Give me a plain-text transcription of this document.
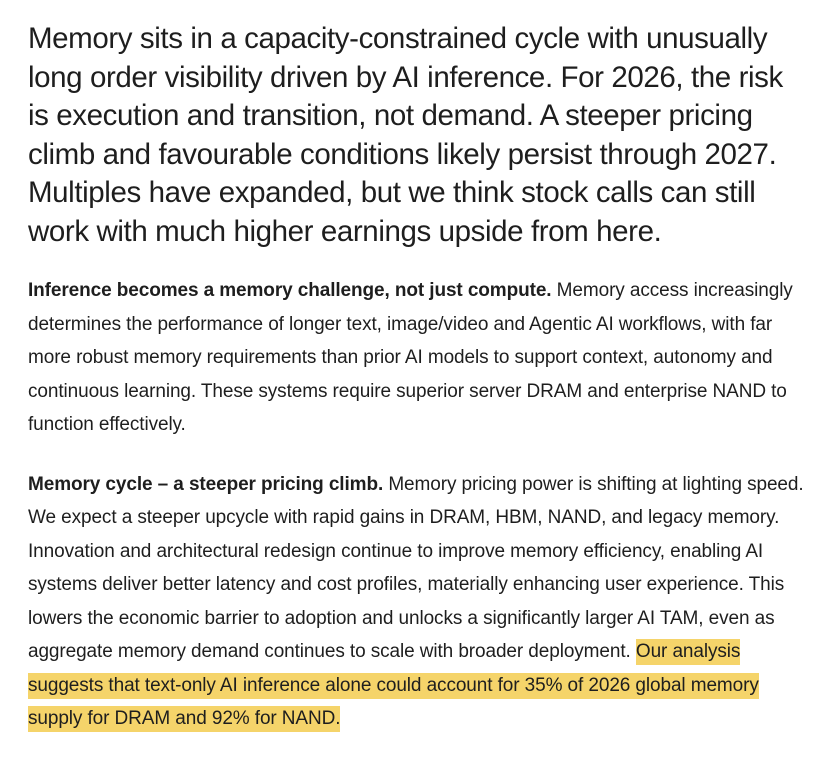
Memory sits in a capacity-constrained cycle with unusually long order visibility driven by AI inference. For 2026, the risk is execution and transition, not demand. A steeper pricing climb and favourable conditions likely persist through 2027. Multiples have expanded, but we think stock calls can still work with much higher earnings upside from here.

Inference becomes a memory challenge, not just compute. Memory access increasingly determines the performance of longer text, image/video and Agentic AI workflows, with far more robust memory requirements than prior AI models to support context, autonomy and continuous learning. These systems require superior server DRAM and enterprise NAND to function effectively.

Memory cycle – a steeper pricing climb. Memory pricing power is shifting at lighting speed. We expect a steeper upcycle with rapid gains in DRAM, HBM, NAND, and legacy memory. Innovation and architectural redesign continue to improve memory efficiency, enabling AI systems deliver better latency and cost profiles, materially enhancing user experience. This lowers the economic barrier to adoption and unlocks a significantly larger AI TAM, even as aggregate memory demand continues to scale with broader deployment. Our analysis suggests that text-only AI inference alone could account for 35% of 2026 global memory supply for DRAM and 92% for NAND.
